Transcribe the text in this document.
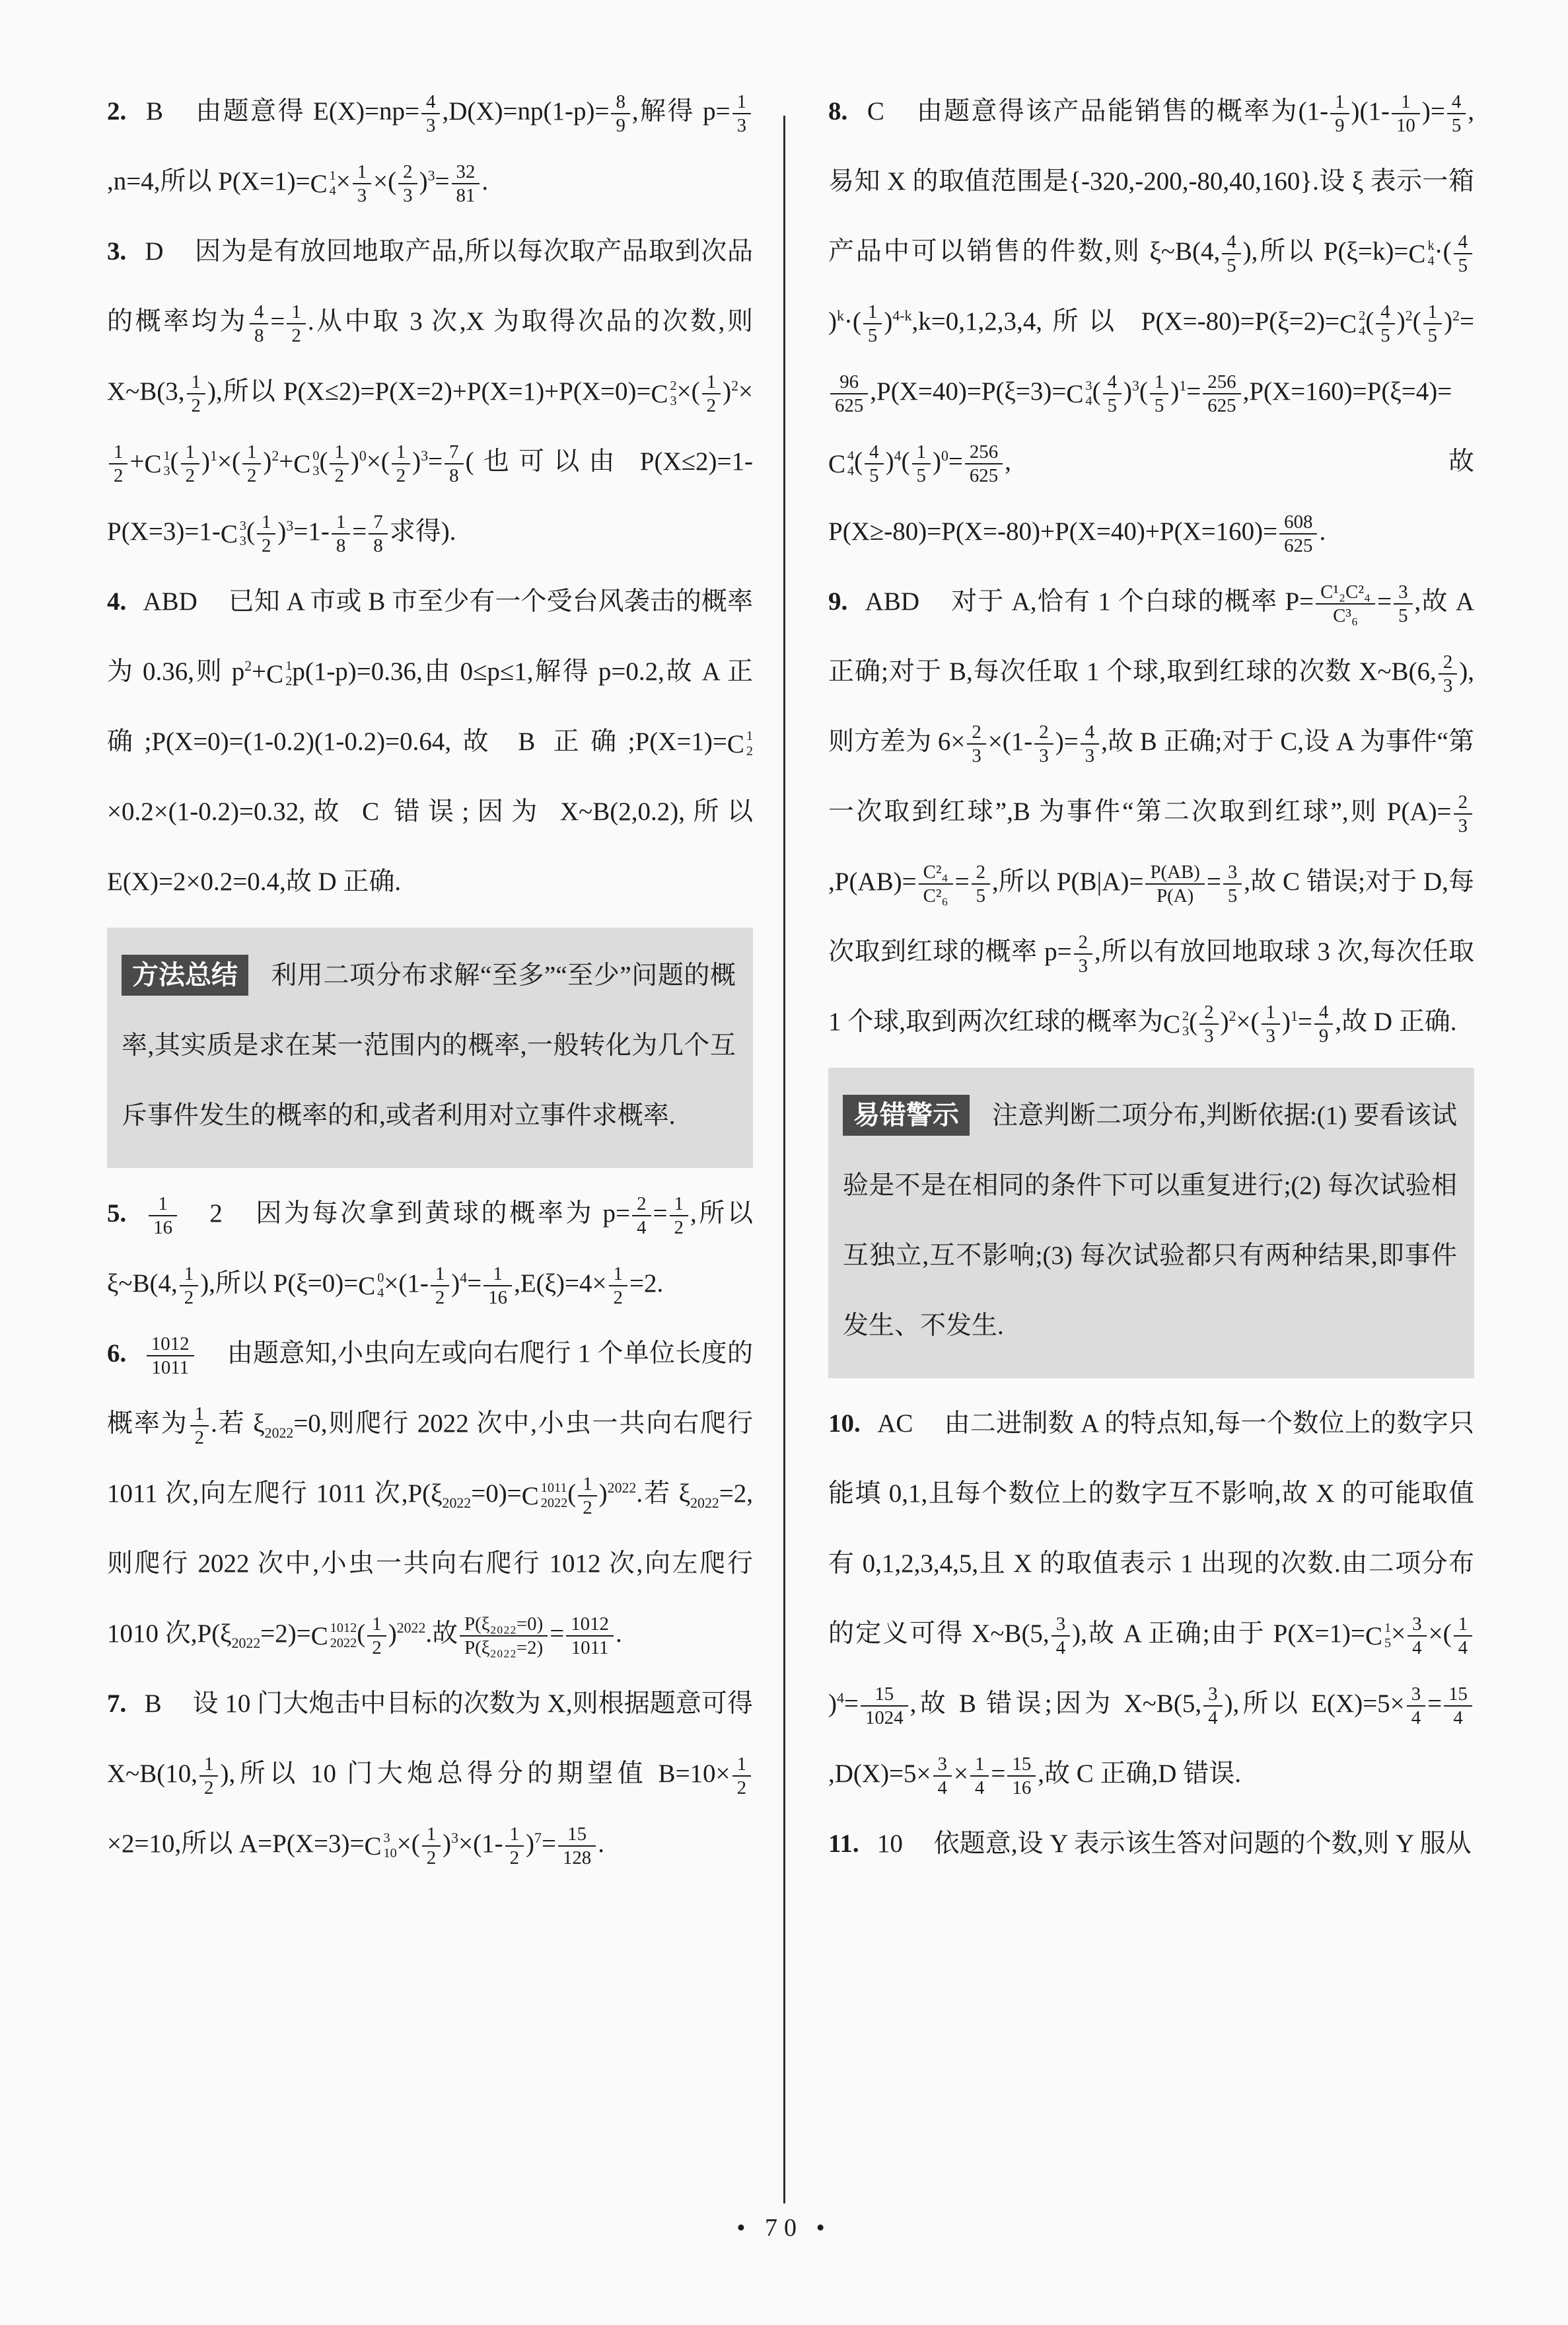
2. B 由题意得 $E(X)=np= \frac{4}{3} ,D(X)=np(1-p)= \frac{8}{9}$ ,解得 $p= \frac{1}{3}$
,n=4,所以 P(X=1)= C 1
$4 \times \frac{1}{3}$ ×( $\frac{2}{3} )^3= \frac{32}{81}$ .

3. D 因为是有放回地取产品,所以每次取产品取到次品的概率均为 $\frac{4}{8} = \frac{1}{2}$ .从中取 3 次,X 为取得次品的次数,则 X~B(3, $\frac{1}{2}$ ),所以 P(X≤2)=P(X=2)+P(X=1)+P(X=0)= C 2
3 ×( $\frac{1}{2} )^2\times$
$\frac{1}{2} + C$ 1
3 ( $\frac{1}{2} )^1\times( \frac{1}{2} )^2+ C$ 0
3 ( $\frac{1}{2} )^0\times( \frac{1}{2} )^3= \frac{7}{8}$ (也可以由 P(X≤2)=1-P(X=3)=1- C 3
3 ( $\frac{1}{2} )^3=1- \frac{1}{8} = \frac{7}{8}$ 求得).

4. ABD 已知 A 市或 B 市至少有一个受台风袭击的概率为 0.36,则 $p^2+ C$ 1
2 p(1-p)=0.36,由 0≤p≤1,解得 p=0.2,故 A 正确;P(X=0)=(1-0.2)(1-0.2)=0.64,故 B 正确;P(X=1)= C 1
2
×0.2×(1-0.2)=0.32,故 C 错误;因为 X~B(2,0.2),所以 E(X)=2×0.2=0.4,故 D 正确.

方法总结 利用二项分布求解“至多”“至少”问题的概率,其实质是求在某一范围内的概率,一般转化为几个互斥事件发生的概率的和,或者利用对立事件求概率.

5. $\frac{1}{16}$ 　2 因为每次拿到黄球的概率为 $p= \frac{2}{4} = \frac{1}{2}$ ,所以 ξ~B(4, $\frac{1}{2}$ ),所以 P(ξ=0)= C 0
$4 \times(1- \frac{1}{2} )^4= \frac{1}{16} ,E(\xi)=4\times \frac{1}{2} =2$.

6. $\frac{1012}{1011}$ 由题意知,小虫向左或向右爬行 1 个单位长度的概率为 $\frac{1}{2}$ .若 $\xi_{2022}=0$,则爬行 2022 次中,小虫一共向右爬行 1011 次,向左爬行 1011 次$,P(\xi_{2022}=0)= C$ 1011
2022 ( $\frac{1}{2} )^{2022}$.若 $\xi_{2022}=2$,则爬行 2022 次中,小虫一共向右爬行 1012 次,向左爬行 1010 次$,P(\xi_{2022}=2)= C$ 1012
2022 ( $\frac{1}{2} )^{2022}$.故 $\frac{\text{P(ξ₂₀₂₂=0)}}{\text{P(ξ₂₀₂₂=2)}} = \frac{1012}{1011}$ .

7. B 设 10 门大炮击中目标的次数为 X,则根据题意可得 X~B(10, $\frac{1}{2}$ ),所以 10 门大炮总得分的期望值 $B=10\times \frac{1}{2}$
×2=10,所以 A=P(X=3)= C 3
10 ×( $\frac{1}{2} )^3\times(1- \frac{1}{2} )^7= \frac{15}{128}$ .

8. C 由题意得该产品能销售的概率为$(1- \frac{1}{9} )(1- \frac{1}{10}$ )= $\frac{4}{5}$ ,易知 X 的取值范围是{-320,-200,-80,40,160}.设 ξ 表示一箱产品中可以销售的件数,则 ξ~B(4, $\frac{4}{5}$ ),所以 P(ξ=k)= C k
4 ·( $\frac{4}{5}$
)$^k\cdot( \frac{1}{5} )^{4-k},k=0,1,2,3,4$,所以 P(X=-80)=P(ξ=2)= C 2
4 ( $\frac{4}{5} )^2( \frac{1}{5} )^2=$
$\frac{96}{625} ,P(X=40)=P(\xi=3)= C$ 3
4 ( $\frac{4}{5} )^3( \frac{1}{5} )^1= \frac{256}{625} ,P(X=160)=P(\xi=4)=$
C 4
4 ( $\frac{4}{5} )^4( \frac{1}{5} )^0= \frac{256}{625}$ ,故 $P(X\ge-80)=P(X=-80)+P(X=40)+P(X=160)= \frac{608}{625}$ .

9. ABD 对于 A,恰有 1 个白球的概率 $P= \frac{\text{C¹₂C²₄}}{\text{C³₆}} = \frac{3}{5}$ ,故 A 正确;对于 B,每次任取 1 个球,取到红球的次数 X~B(6, $\frac{2}{3}$ ),则方差为 $6\times \frac{2}{3} \times(1- \frac{2}{3}$ )= $\frac{4}{3}$ ,故 B 正确;对于 C,设 A 为事件“第一次取到红球”,B 为事件“第二次取到红球”,则 $P(A)= \frac{2}{3}$
$,P(AB)= \frac{\text{C²₄}}{\text{C²₆}} = \frac{2}{5}$ ,所以 $P(B|A)= \frac{P(AB)}{P(A)} = \frac{3}{5}$ ,故 C 错误;对于 D,每次取到红球的概率 $p= \frac{2}{3}$ ,所以有放回地取球 3 次,每次任取 1 个球,取到两次红球的概率为 C 2
3 ( $\frac{2}{3} )^2\times( \frac{1}{3} )^1= \frac{4}{9}$ ,故 D 正确.

易错警示 注意判断二项分布,判断依据:(1) 要看该试验是不是在相同的条件下可以重复进行;(2) 每次试验相互独立,互不影响;(3) 每次试验都只有两种结果,即事件发生、不发生.

10. AC 由二进制数 A 的特点知,每一个数位上的数字只能填 0,1,且每个数位上的数字互不影响,故 X 的可能取值有 0,1,2,3,4,5,且 X 的取值表示 1 出现的次数.由二项分布的定义可得 X~B(5, $\frac{3}{4}$ ),故 A 正确;由于 P(X=1)= C 1
$5 \times \frac{3}{4}$ ×( $\frac{1}{4}$
)$^4= \frac{15}{1024}$ ,故 B 错误;因为 X~B(5, $\frac{3}{4}$ ),所以 $E(X)=5\times \frac{3}{4} = \frac{15}{4}$
$,D(X)=5\times \frac{3}{4} \times \frac{1}{4} = \frac{15}{16}$ ,故 C 正确,D 错误.

11. 10 依题意,设 Y 表示该生答对问题的个数,则 Y 服从

• 70 •
